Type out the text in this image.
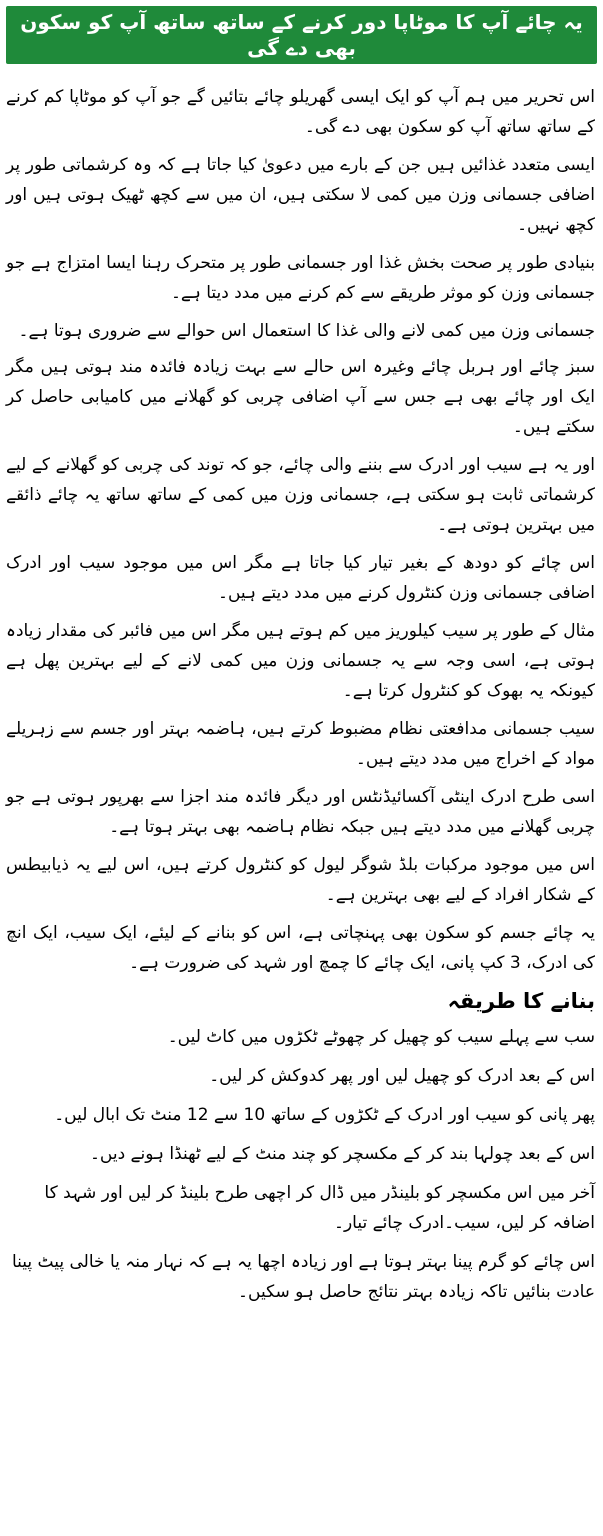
یہ چائے آپ کا موٹاپا دور کرنے کے ساتھ ساتھ آپ کو سکون بھی دے گی

اس تحریر میں ہم آپ کو ایک ایسی گھریلو چائے بتائیں گے جو آپ کو موٹاپا کم کرنے کے ساتھ ساتھ آپ کو سکون بھی دے گی۔

ایسی متعدد غذائیں ہیں جن کے بارے میں دعویٰ کیا جاتا ہے کہ وہ کرشماتی طور پر اضافی جسمانی وزن میں کمی لا سکتی ہیں، ان میں سے کچھ ٹھیک ہوتی ہیں اور کچھ نہیں۔

بنیادی طور پر صحت بخش غذا اور جسمانی طور پر متحرک رہنا ایسا امتزاج ہے جو جسمانی وزن کو موثر طریقے سے کم کرنے میں مدد دیتا ہے۔

جسمانی وزن میں کمی لانے والی غذا کا استعمال اس حوالے سے ضروری ہوتا ہے۔

سبز چائے اور ہربل چائے وغیرہ اس حالے سے بہت زیادہ فائدہ مند ہوتی ہیں مگر ایک اور چائے بھی ہے جس سے آپ اضافی چربی کو گھلانے میں کامیابی حاصل کر سکتے ہیں۔

اور یہ ہے سیب اور ادرک سے بننے والی چائے، جو کہ توند کی چربی کو گھلانے کے لیے کرشماتی ثابت ہو سکتی ہے، جسمانی وزن میں کمی کے ساتھ ساتھ یہ چائے ذائقے میں بہترین ہوتی ہے۔

اس چائے کو دودھ کے بغیر تیار کیا جاتا ہے مگر اس میں موجود سیب اور ادرک اضافی جسمانی وزن کنٹرول کرنے میں مدد دیتے ہیں۔

مثال کے طور پر سیب کیلوریز میں کم ہوتے ہیں مگر اس میں فائبر کی مقدار زیادہ ہوتی ہے، اسی وجہ سے یہ جسمانی وزن میں کمی لانے کے لیے بہترین پھل ہے کیونکہ یہ بھوک کو کنٹرول کرتا ہے۔

سیب جسمانی مدافعتی نظام مضبوط کرتے ہیں، ہاضمہ بہتر اور جسم سے زہریلے مواد کے اخراج میں مدد دیتے ہیں۔

اسی طرح ادرک اینٹی آکسائیڈنٹس اور دیگر فائدہ مند اجزا سے بھرپور ہوتی ہے جو چربی گھلانے میں مدد دیتے ہیں جبکہ نظام ہاضمہ بھی بہتر ہوتا ہے۔

اس میں موجود مرکبات بلڈ شوگر لیول کو کنٹرول کرتے ہیں، اس لیے یہ ذیابیطس کے شکار افراد کے لیے بھی بہترین ہے۔

یہ چائے جسم کو سکون بھی پہنچاتی ہے، اس کو بنانے کے لیئے، ایک سیب، ایک انچ کی ادرک، 3 کپ پانی، ایک چائے کا چمچ اور شہد کی ضرورت ہے۔

بنانے کا طریقہ

سب سے پہلے سیب کو چھیل کر چھوٹے ٹکڑوں میں کاٹ لیں۔

اس کے بعد ادرک کو چھیل لیں اور پھر کدوکش کر لیں۔

پھر پانی کو سیب اور ادرک کے ٹکڑوں کے ساتھ 10 سے 12 منٹ تک ابال لیں۔

اس کے بعد چولہا بند کر کے مکسچر کو چند منٹ کے لیے ٹھنڈا ہونے دیں۔

آخر میں اس مکسچر کو بلینڈر میں ڈال کر اچھی طرح بلینڈ کر لیں اور شہد کا اضافہ کر لیں، سیب۔ادرک چائے تیار۔

اس چائے کو گرم پینا بہتر ہوتا ہے اور زیادہ اچھا یہ ہے کہ نہار منہ یا خالی پیٹ پینا عادت بنائیں تاکہ زیادہ بہتر نتائج حاصل ہو سکیں۔
